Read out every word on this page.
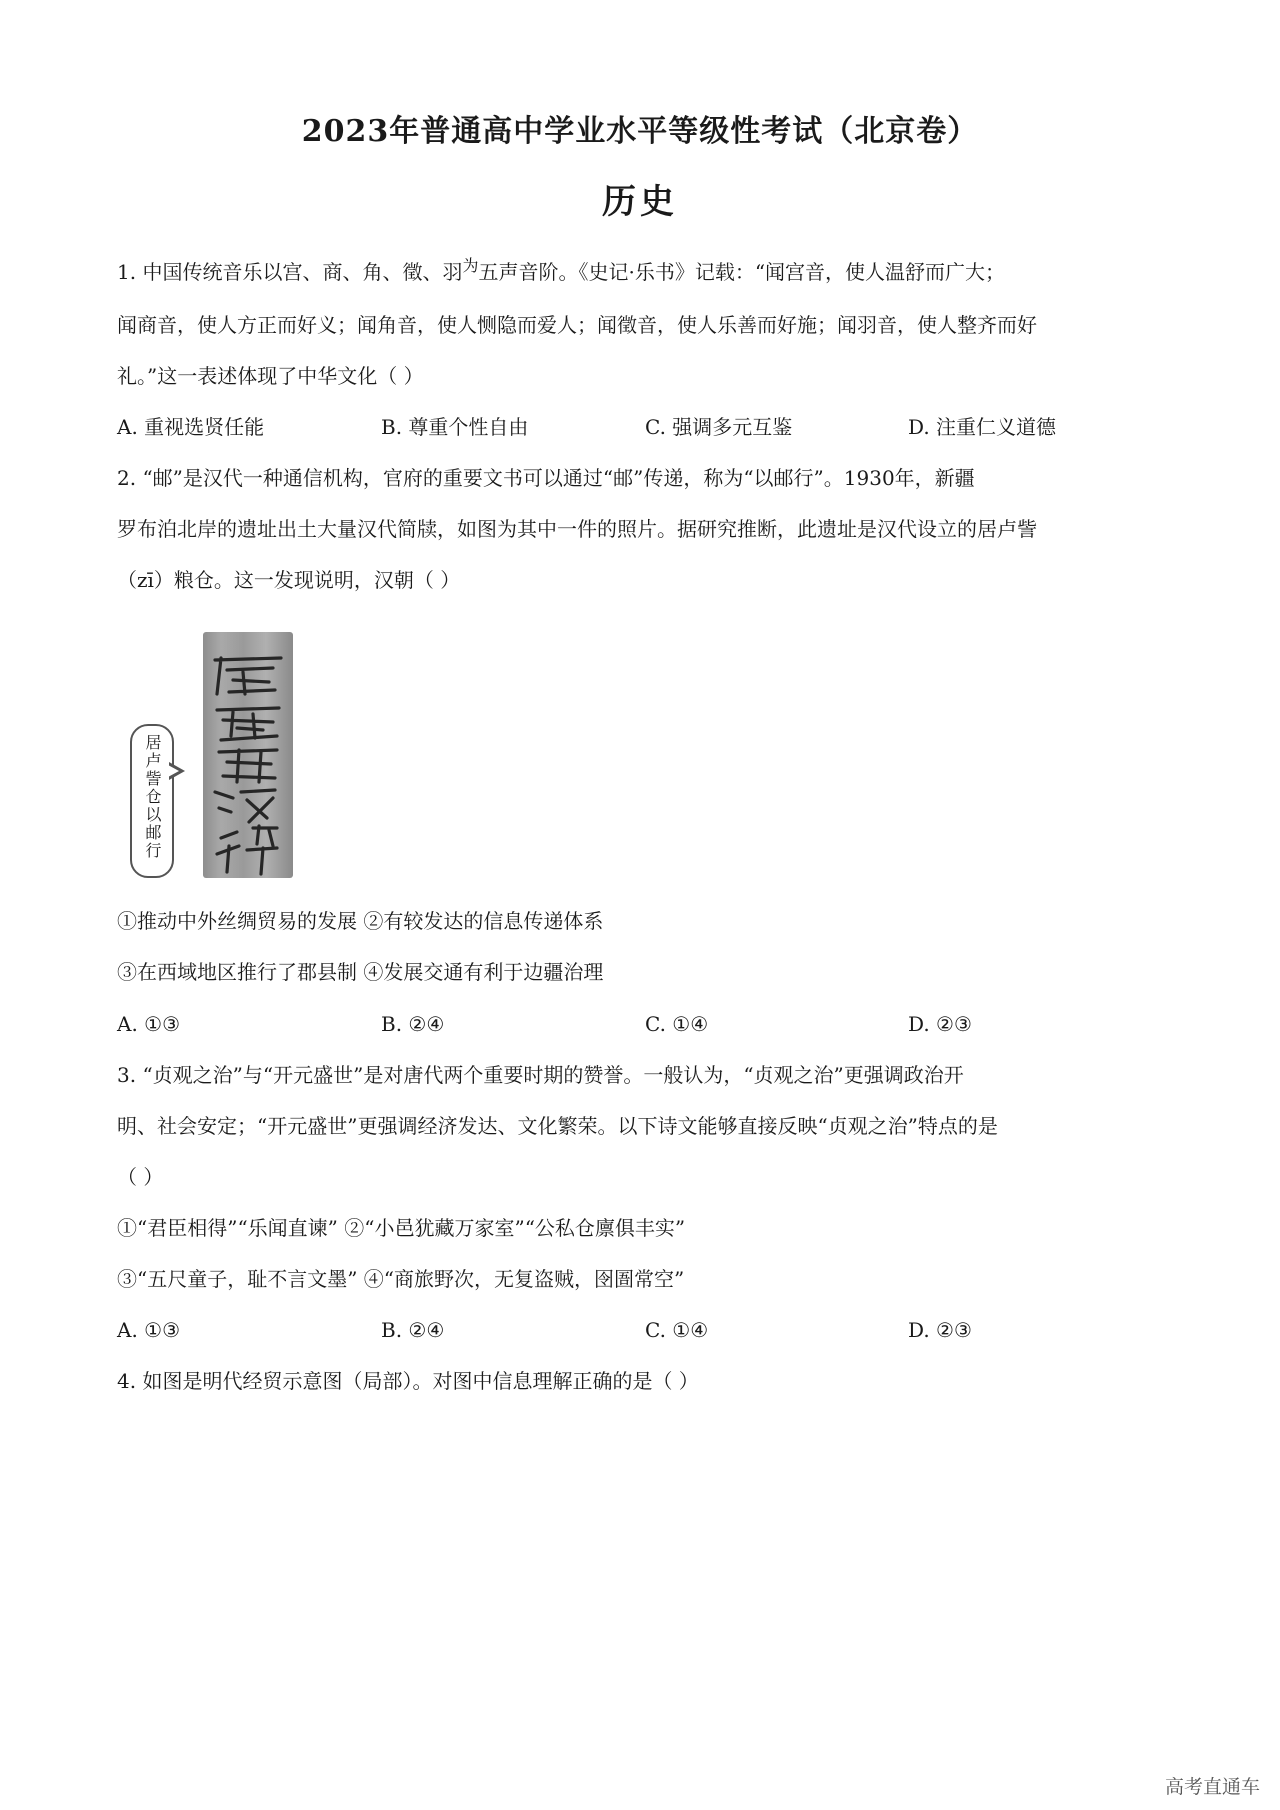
2023年普通高中学业水平等级性考试（北京卷）
历史
1. 中国传统音乐以宫、商、角、徵、羽$^为$五声音阶。《史记·乐书》记载：“闻宫音，使人温舒而广大；
闻商音，使人方正而好义；闻角音，使人恻隐而爱人；闻徵音，使人乐善而好施；闻羽音，使人整齐而好
礼。”这一表述体现了中华文化（ ）
A. 重视选贤任能	B. 尊重个性自由	C. 强调多元互鉴	D. 注重仁义道德
2. “邮”是汉代一种通信机构，官府的重要文书可以通过“邮”传递，称为“以邮行”。1930年，新疆
罗布泊北岸的遗址出土大量汉代简牍，如图为其中一件的照片。据研究推断，此遗址是汉代设立的居卢訾
（zī）粮仓。这一发现说明，汉朝（ ）
居卢訾仓以邮行
①推动中外丝绸贸易的发展 ②有较发达的信息传递体系
③在西域地区推行了郡县制 ④发展交通有利于边疆治理
A. ①③	B. ②④	C. ①④	D. ②③
3. “贞观之治”与“开元盛世”是对唐代两个重要时期的赞誉。一般认为，“贞观之治”更强调政治开
明、社会安定；“开元盛世”更强调经济发达、文化繁荣。以下诗文能够直接反映“贞观之治”特点的是
（ ）
①“君臣相得”“乐闻直谏” ②“小邑犹藏万家室”“公私仓廪俱丰实”
③“五尺童子，耻不言文墨” ④“商旅野次，无复盗贼，囹圄常空”
A. ①③	B. ②④	C. ①④	D. ②③
4. 如图是明代经贸示意图（局部）。对图中信息理解正确的是（ ）
高考直通车
